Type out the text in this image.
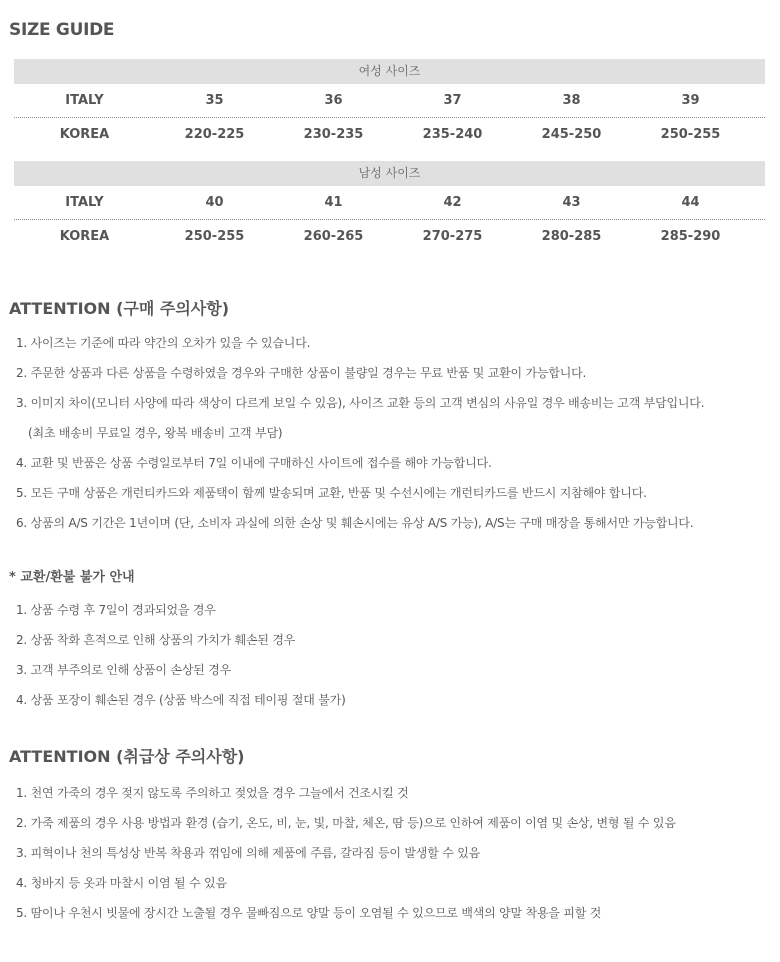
SIZE GUIDE
여성 사이즈
ITALY	35	36	37	38	39
KOREA	220-225	230-235	235-240	245-250	250-255
남성 사이즈
ITALY	40	41	42	43	44
KOREA	250-255	260-265	270-275	280-285	285-290
ATTENTION (구매 주의사항)
1. 사이즈는 기준에 따라 약간의 오차가 있을 수 있습니다.
2. 주문한 상품과 다른 상품을 수령하였을 경우와 구매한 상품이 불량일 경우는 무료 반품 및 교환이 가능합니다.
3. 이미지 차이(모니터 사양에 따라 색상이 다르게 보일 수 있음), 사이즈 교환 등의 고객 변심의 사유일 경우 배송비는 고객 부담입니다.
(최초 배송비 무료일 경우, 왕복 배송비 고객 부담)
4. 교환 및 반품은 상품 수령일로부터 7일 이내에 구매하신 사이트에 접수를 해야 가능합니다.
5. 모든 구매 상품은 개런티카드와 제품택이 함께 발송되며 교환, 반품 및 수선시에는 개런티카드를 반드시 지참해야 합니다.
6. 상품의 A/S 기간은 1년이며 (단, 소비자 과실에 의한 손상 및 훼손시에는 유상 A/S 가능), A/S는 구매 매장을 통해서만 가능합니다.
* 교환/환불 불가 안내
1. 상품 수령 후 7일이 경과되었을 경우
2. 상품 착화 흔적으로 인해 상품의 가치가 훼손된 경우
3. 고객 부주의로 인해 상품이 손상된 경우
4. 상품 포장이 훼손된 경우 (상품 박스에 직접 테이핑 절대 불가)
ATTENTION (취급상 주의사항)
1. 천연 가죽의 경우 젖지 않도록 주의하고 젖었을 경우 그늘에서 건조시킬 것
2. 가죽 제품의 경우 사용 방법과 환경 (습기, 온도, 비, 눈, 빛, 마찰, 체온, 땀 등)으로 인하여 제품이 이염 및 손상, 변형 될 수 있음
3. 피혁이나 천의 특성상 반복 착용과 꺾임에 의해 제품에 주름, 갈라짐 등이 발생할 수 있음
4. 청바지 등 옷과 마찰시 이염 될 수 있음
5. 땀이나 우천시 빗물에 장시간 노출될 경우 물빠짐으로 양말 등이 오염될 수 있으므로 백색의 양말 착용을 피할 것
